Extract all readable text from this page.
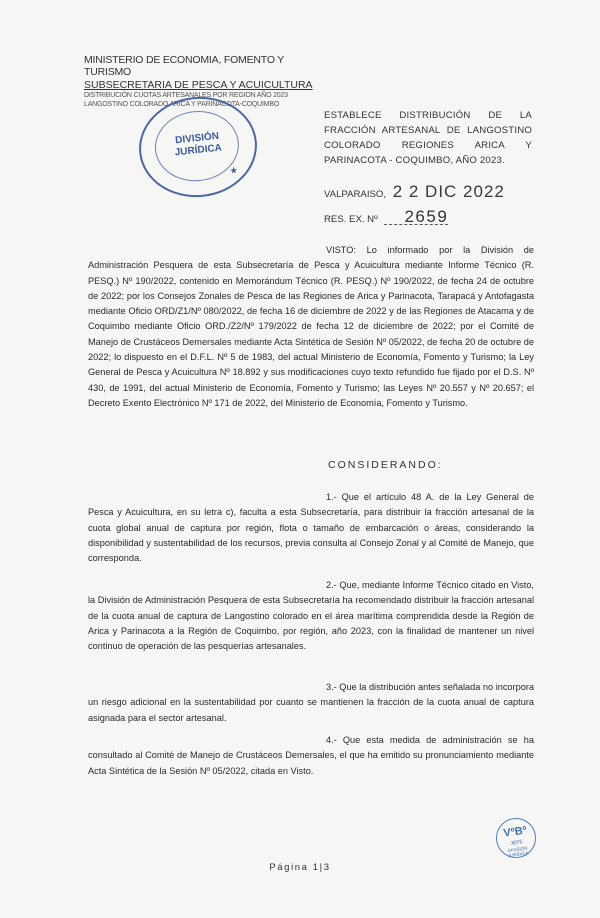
MINISTERIO DE ECONOMIA, FOMENTO Y TURISMO
SUBSECRETARIA DE PESCA Y ACUICULTURA
DISTRIBUCIÓN CUOTAS ARTESANALES POR REGION AÑO 2023
LANGOSTINO COLORADO ARICA Y PARINACOTA-COQUIMBO
DIVISIÓN
JURÍDICA
★
ESTABLECE DISTRIBUCIÓN DE LA FRACCIÓN ARTESANAL DE LANGOSTINO COLORADO REGIONES ARICA Y PARINACOTA - COQUIMBO, AÑO 2023.
VALPARAISO, 2 2 DIC 2022
RES. EX. Nº 2659
VISTO: Lo informado por la División de Administración Pesquera de esta Subsecretaría de Pesca y Acuicultura mediante Informe Técnico (R. PESQ.) Nº 190/2022, contenido en Memorándum Técnico (R. PESQ.) Nº 190/2022, de fecha 24 de octubre de 2022; por los Consejos Zonales de Pesca de las Regiones de Arica y Parinacota, Tarapacá y Antofagasta mediante Oficio ORD/Z1/Nº 080/2022, de fecha 16 de diciembre de 2022 y de las Regiones de Atacama y de Coquimbo mediante Oficio ORD./Z2/Nº 179/2022 de fecha 12 de diciembre de 2022; por el Comité de Manejo de Crustáceos Demersales mediante Acta Sintética de Sesión Nº 05/2022, de fecha 20 de octubre de 2022; lo dispuesto en el D.F.L. Nº 5 de 1983, del actual Ministerio de Economía, Fomento y Turismo; la Ley General de Pesca y Acuicultura Nº 18.892 y sus modificaciones cuyo texto refundido fue fijado por el D.S. Nº 430, de 1991, del actual Ministerio de Economía, Fomento y Turismo; las Leyes Nº 20.557 y Nº 20.657; el Decreto Exento Electrónico Nº 171 de 2022, del Ministerio de Economía, Fomento y Turismo.
CONSIDERANDO:
1.- Que el artículo 48 A. de la Ley General de Pesca y Acuicultura, en su letra c), faculta a esta Subsecretaría, para distribuir la fracción artesanal de la cuota global anual de captura por región, flota o tamaño de embarcación o áreas, considerando la disponibilidad y sustentabilidad de los recursos, previa consulta al Consejo Zonal y al Comité de Manejo, que corresponda.
2.- Que, mediante Informe Técnico citado en Visto, la División de Administración Pesquera de esta Subsecretaría ha recomendado distribuir la fracción artesanal de la cuota anual de captura de Langostino colorado en el área marítima comprendida desde la Región de Arica y Parinacota a la Región de Coquimbo, por región, año 2023, con la finalidad de mantener un nivel continuo de operación de las pesquerías artesanales.
3.- Que la distribución antes señalada no incorpora un riesgo adicional en la sustentabilidad por cuanto se mantienen la fracción de la cuota anual de captura asignada para el sector artesanal.
4.- Que esta medida de administración se ha consultado al Comité de Manejo de Crustáceos Demersales, el que ha emitido su pronunciamiento mediante Acta Sintética de la Sesión Nº 05/2022, citada en Visto.
VºBº
JEFE
DIVISIÓN JURÍDICA
Página 1|3
